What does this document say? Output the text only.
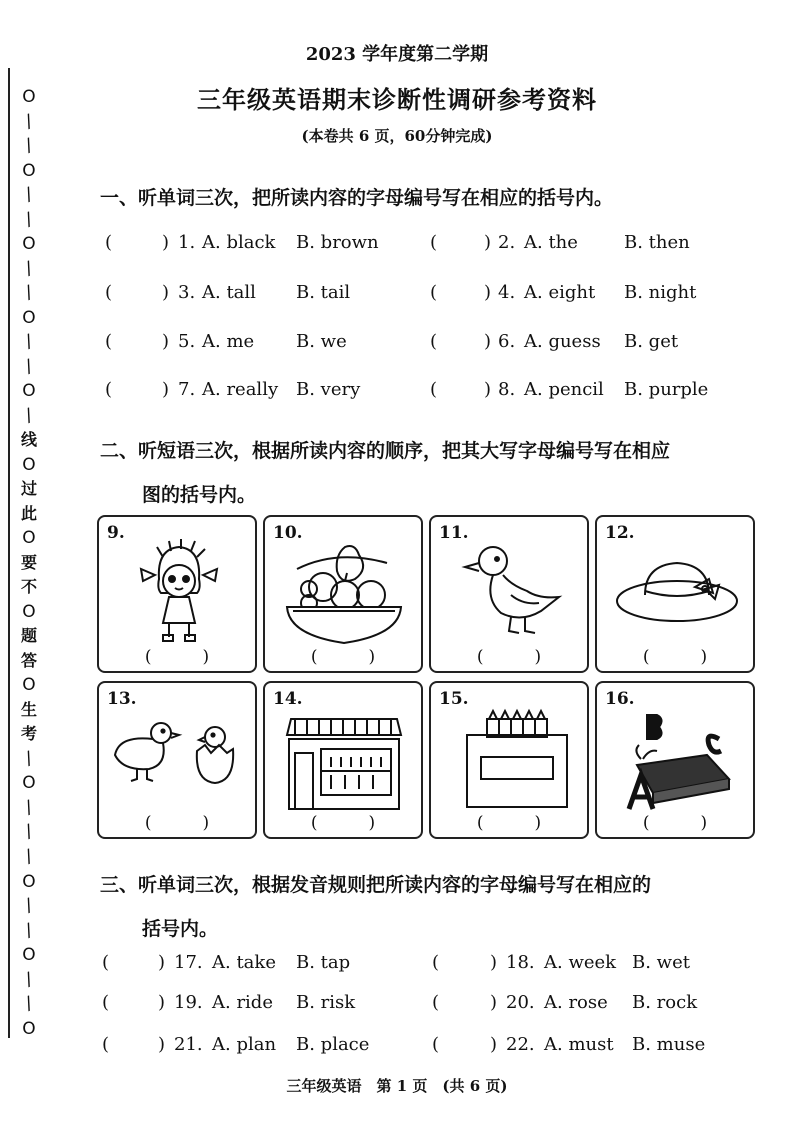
2023 学年度第二学期
三年级英语期末诊断性调研参考资料
(本卷共 6 页，60分钟完成)
O
/
/
O
/
/
O
/
/
O
/
/
O
/
线
O
过
此
O
要
不
O
题
答
O
生
考
/
O
/
/
/
O
/
/
O
/
/
O
一、听单词三次，把所读内容的字母编号写在相应的括号内。
(	) 1. A. black B. brown	(	) 2. A. the	B. then
(	) 3. A. tall B. tail	(	) 4. A. eight B. night
(	) 5. A. me B. we	(	) 6. A. guess B. get
(	) 7. A. really B. very	(	) 8. A. pencil B. purple
二、听短语三次，根据所读内容的顺序，把其大写字母编号写在相应
图的括号内。
9.
(　　　)
10.
(　　　)
11.
(　　　)
12.
(　　　)
13.
(　　　)
14.
(　　　)
15.
(　　　)
16.
(　　　)
三、听单词三次，根据发音规则把所读内容的字母编号写在相应的
括号内。
(	) 17. A. take B. tap	(	) 18. A. week B. wet
(	) 19. A. ride B. risk	(	) 20. A. rose B. rock
(	) 21. A. plan B. place	(	) 22. A. must B. muse
三年级英语　第 1 页　(共 6 页)
